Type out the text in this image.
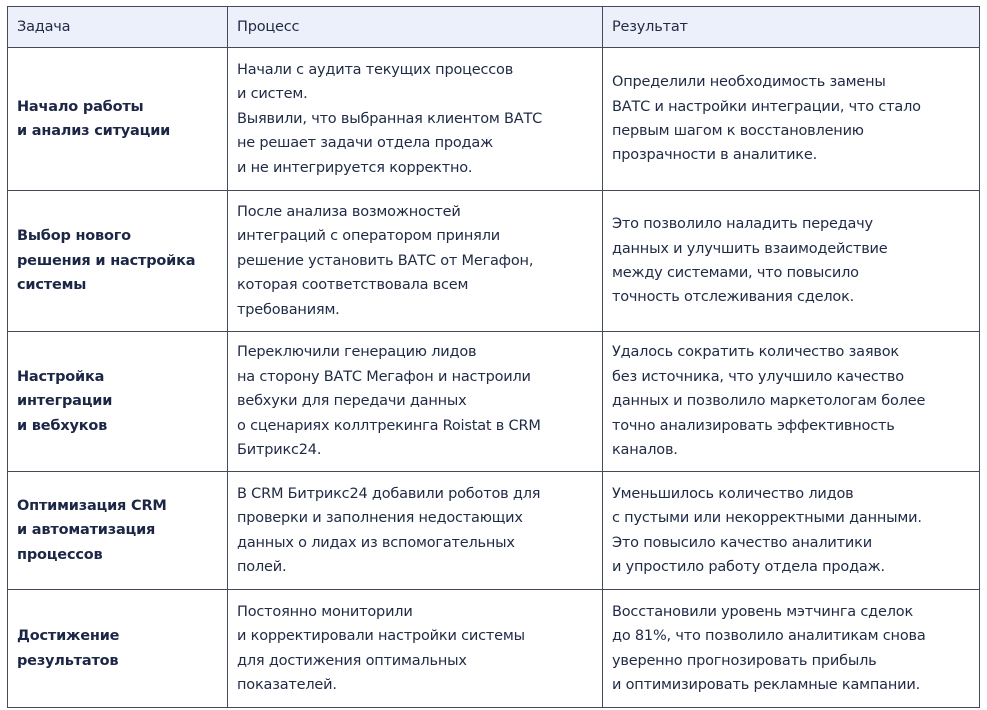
Задача	Процесс	Результат

Начало работы
и анализ ситуации	Начали с аудита текущих процессов
и систем.
Выявили, что выбранная клиентом ВАТС
не решает задачи отдела продаж
и не интегрируется корректно.	Определили необходимость замены
ВАТС и настройки интеграции, что стало
первым шагом к восстановлению
прозрачности в аналитике.

Выбор нового
решения и настройка
системы	После анализа возможностей
интеграций с оператором приняли
решение установить ВАТС от Мегафон,
которая соответствовала всем
требованиям.	Это позволило наладить передачу
данных и улучшить взаимодействие
между системами, что повысило
точность отслеживания сделок.

Настройка
интеграции
и вебхуков	Переключили генерацию лидов
на сторону ВАТС Мегафон и настроили
вебхуки для передачи данных
о сценариях коллтрекинга Roistat в CRM
Битрикс24.	Удалось сократить количество заявок
без источника, что улучшило качество
данных и позволило маркетологам более
точно анализировать эффективность
каналов.

Оптимизация CRM
и автоматизация
процессов	В CRM Битрикс24 добавили роботов для
проверки и заполнения недостающих
данных о лидах из вспомогательных
полей.	Уменьшилось количество лидов
с пустыми или некорректными данными.
Это повысило качество аналитики
и упростило работу отдела продаж.

Достижение
результатов	Постоянно мониторили
и корректировали настройки системы
для достижения оптимальных
показателей.	Восстановили уровень мэтчинга сделок
до 81%, что позволило аналитикам снова
уверенно прогнозировать прибыль
и оптимизировать рекламные кампании.
